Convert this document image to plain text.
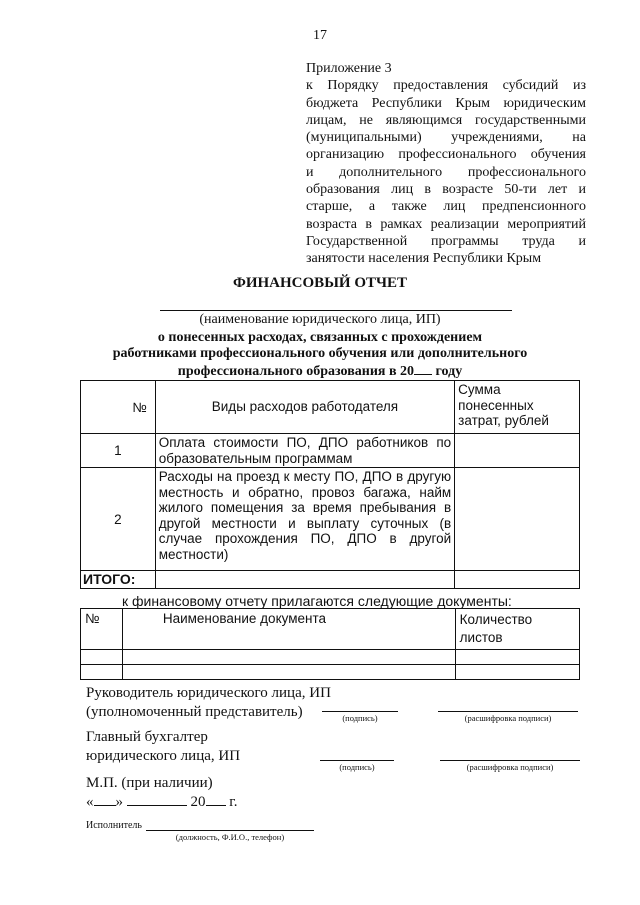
17
Приложение 3
к Порядку предоставления субсидий из
бюджета Республики Крым юридическим
лицам, не являющимся государственными
(муниципальными) учреждениями, на
организацию профессионального обучения
и дополнительного профессионального
образования лиц в возрасте 50-ти лет и
старше, а также лиц предпенсионного
возраста в рамках реализации мероприятий
Государственной программы труда и
занятости населения Республики Крым
ФИНАНСОВЫЙ ОТЧЕТ
(наименование юридического лица, ИП)
о понесенных расходах, связанных с прохождением
работниками профессионального обучения или дополнительного
профессионального образования в 20 году
№	Виды расходов работодателя	Сумма понесенных затрат, рублей
1	Оплата стоимости ПО, ДПО работников по образовательным программам	
2	Расходы на проезд к месту ПО, ДПО в другую местность и обратно, провоз багажа, найм жилого помещения за время пребывания в другой местности и выплату суточных (в случае прохождения ПО, ДПО в другой местности)	
ИТОГО:		
к финансовому отчету прилагаются следующие документы:
№	Наименование документа	Количество листов

Руководитель юридического лица, ИП
(уполномоченный представитель)	(подпись)	(расшифровка подписи)
Главный бухгалтер
юридического лица, ИП
(подпись)	(расшифровка подписи)
М.П. (при наличии)
« »	20 г.
Исполнитель
(должность, Ф.И.О., телефон)
